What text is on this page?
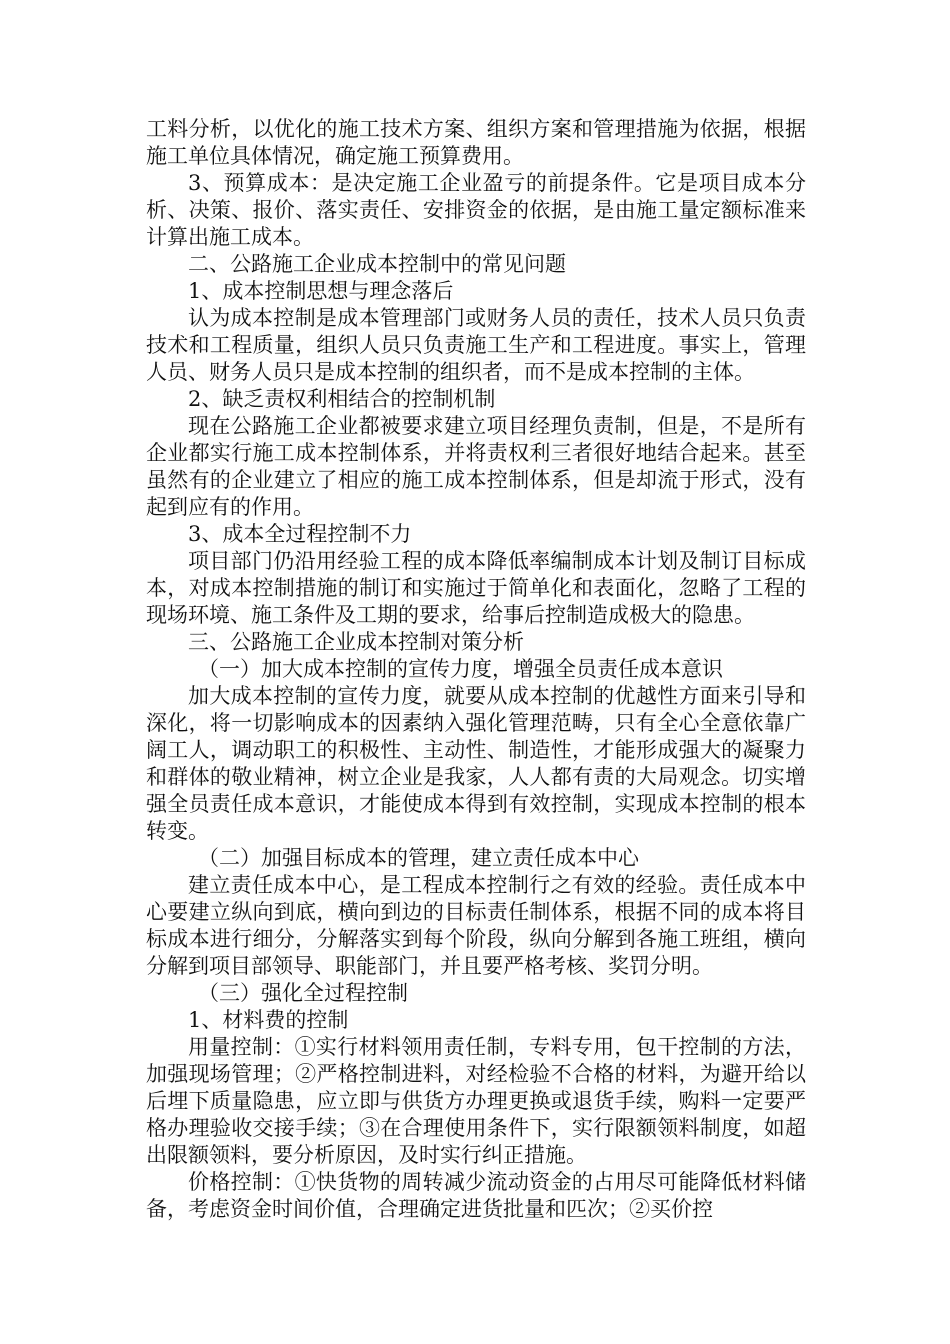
工料分析，以优化的施工技术方案、组织方案和管理措施为依据，根据施工单位具体情况，确定施工预算费用。

3、预算成本：是决定施工企业盈亏的前提条件。它是项目成本分析、决策、报价、落实责任、安排资金的依据，是由施工量定额标准来计算出施工成本。

二、公路施工企业成本控制中的常见问题

1、成本控制思想与理念落后

认为成本控制是成本管理部门或财务人员的责任，技术人员只负责技术和工程质量，组织人员只负责施工生产和工程进度。事实上，管理人员、财务人员只是成本控制的组织者，而不是成本控制的主体。

2、缺乏责权利相结合的控制机制

现在公路施工企业都被要求建立项目经理负责制，但是，不是所有企业都实行施工成本控制体系，并将责权利三者很好地结合起来。甚至虽然有的企业建立了相应的施工成本控制体系，但是却流于形式，没有起到应有的作用。

3、成本全过程控制不力

项目部门仍沿用经验工程的成本降低率编制成本计划及制订目标成本，对成本控制措施的制订和实施过于简单化和表面化，忽略了工程的现场环境、施工条件及工期的要求，给事后控制造成极大的隐患。

三、公路施工企业成本控制对策分析

（一）加大成本控制的宣传力度，增强全员责任成本意识

加大成本控制的宣传力度，就要从成本控制的优越性方面来引导和深化，将一切影响成本的因素纳入强化管理范畴，只有全心全意依靠广阔工人，调动职工的积极性、主动性、制造性，才能形成强大的凝聚力和群体的敬业精神，树立企业是我家，人人都有责的大局观念。切实增强全员责任成本意识，才能使成本得到有效控制，实现成本控制的根本转变。

（二）加强目标成本的管理，建立责任成本中心

建立责任成本中心，是工程成本控制行之有效的经验。责任成本中心要建立纵向到底，横向到边的目标责任制体系，根据不同的成本将目标成本进行细分，分解落实到每个阶段，纵向分解到各施工班组，横向分解到项目部领导、职能部门，并且要严格考核、奖罚分明。

（三）强化全过程控制

1、材料费的控制

用量控制：①实行材料领用责任制，专料专用，包干控制的方法，加强现场管理；②严格控制进料，对经检验不合格的材料，为避开给以后埋下质量隐患，应立即与供货方办理更换或退货手续，购料一定要严格办理验收交接手续；③在合理使用条件下，实行限额领料制度，如超出限额领料，要分析原因，及时实行纠正措施。

价格控制：①快货物的周转减少流动资金的占用尽可能降低材料储备，考虑资金时间价值，合理确定进货批量和匹次；②买价控
